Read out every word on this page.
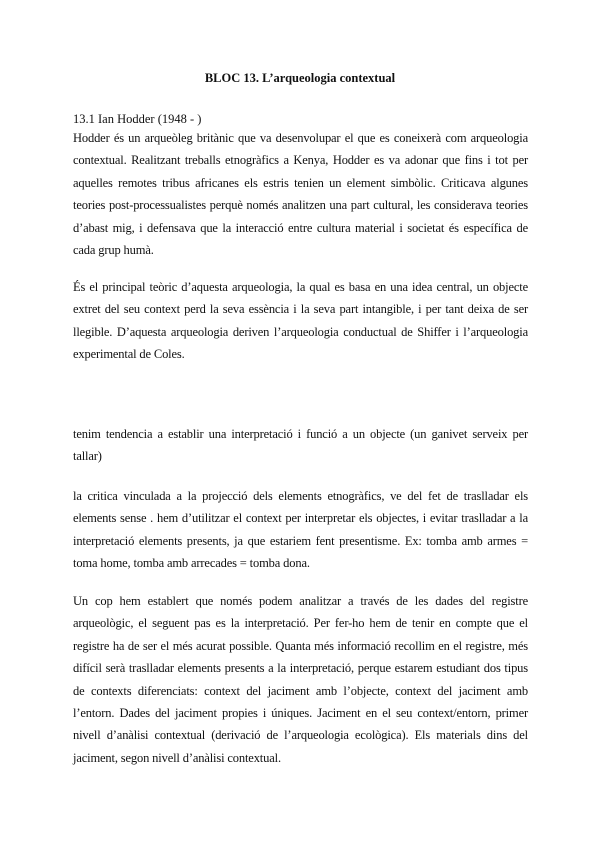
BLOC 13. L’arqueologia contextual
13.1 Ian Hodder (1948 - )

Hodder és un arqueòleg britànic que va desenvolupar el que es coneixerà com arqueologia contextual. Realitzant treballs etnogràfics a Kenya, Hodder es va adonar que fins i tot per aquelles remotes tribus africanes els estris tenien un element simbòlic. Criticava algunes teories post-processualistes perquè només analitzen una part cultural, les considerava teories d’abast mig, i defensava que la interacció entre cultura material i societat és específica de cada grup humà.

És el principal teòric d’aquesta arqueologia, la qual es basa en una idea central, un objecte extret del seu context perd la seva essència i la seva part intangible, i per tant deixa de ser llegible. D’aquesta arqueologia deriven l’arqueologia conductual de Shiffer i l’arqueologia experimental de Coles.

tenim tendencia a establir una interpretació i funció a un objecte (un ganivet serveix per tallar)

la critica vinculada a la projecció dels elements etnogràfics, ve del fet de traslladar els elements sense . hem d’utilitzar el context per interpretar els objectes, i evitar traslladar a la interpretació elements presents, ja que estariem fent presentisme. Ex: tomba amb armes = toma home, tomba amb arrecades = tomba dona.

Un cop hem establert que només podem analitzar a través de les dades del registre arqueològic, el seguent pas es la interpretació. Per fer-ho hem de tenir en compte que el registre ha de ser el més acurat possible. Quanta més informació recollim en el registre, més difícil serà traslladar elements presents a la interpretació, perque estarem estudiant dos tipus de contexts diferenciats: context del jaciment amb l’objecte, context del jaciment amb l’entorn. Dades del jaciment propies i úniques. Jaciment en el seu context/entorn, primer nivell d’anàlisi contextual (derivació de l’arqueologia ecològica). Els materials dins del jaciment, segon nivell d’anàlisi contextual.
